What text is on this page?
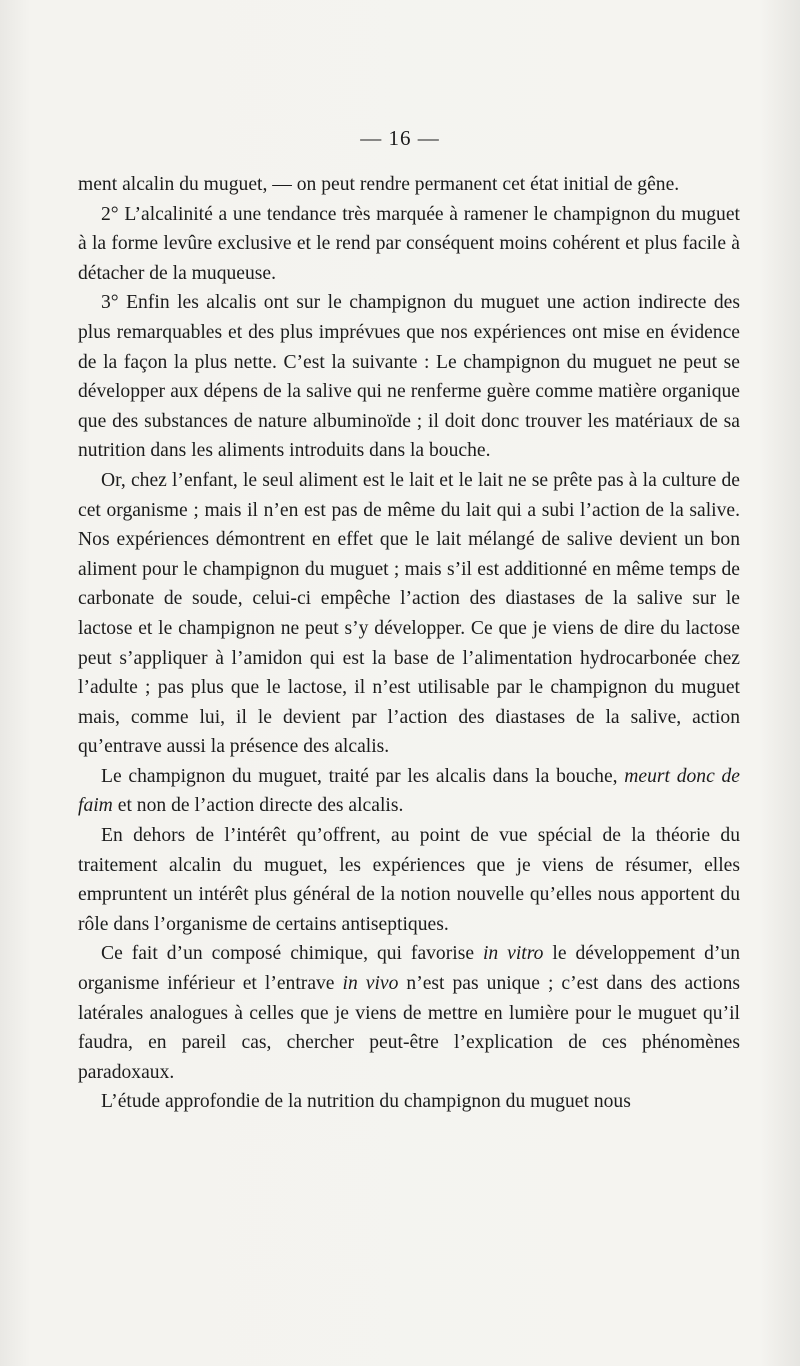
— 16 —

ment alcalin du muguet, — on peut rendre permanent cet état initial de gêne.

2° L’alcalinité a une tendance très marquée à ramener le champignon du muguet à la forme levûre exclusive et le rend par conséquent moins cohérent et plus facile à détacher de la muqueuse.

3° Enfin les alcalis ont sur le champignon du muguet une action indirecte des plus remarquables et des plus imprévues que nos expériences ont mise en évidence de la façon la plus nette. C’est la suivante : Le champignon du muguet ne peut se développer aux dépens de la salive qui ne renferme guère comme matière organique que des substances de nature albuminoïde ; il doit donc trouver les matériaux de sa nutrition dans les aliments introduits dans la bouche.

Or, chez l’enfant, le seul aliment est le lait et le lait ne se prête pas à la culture de cet organisme ; mais il n’en est pas de même du lait qui a subi l’action de la salive. Nos expériences démontrent en effet que le lait mélangé de salive devient un bon aliment pour le champignon du muguet ; mais s’il est additionné en même temps de carbonate de soude, celui-ci empêche l’action des diastases de la salive sur le lactose et le champignon ne peut s’y développer. Ce que je viens de dire du lactose peut s’appliquer à l’amidon qui est la base de l’alimentation hydrocarbonée chez l’adulte ; pas plus que le lactose, il n’est utilisable par le champignon du muguet mais, comme lui, il le devient par l’action des diastases de la salive, action qu’entrave aussi la présence des alcalis.

Le champignon du muguet, traité par les alcalis dans la bouche, meurt donc de faim et non de l’action directe des alcalis.

En dehors de l’intérêt qu’offrent, au point de vue spécial de la théorie du traitement alcalin du muguet, les expériences que je viens de résumer, elles empruntent un intérêt plus général de la notion nouvelle qu’elles nous apportent du rôle dans l’organisme de certains antiseptiques.

Ce fait d’un composé chimique, qui favorise in vitro le développement d’un organisme inférieur et l’entrave in vivo n’est pas unique ; c’est dans des actions latérales analogues à celles que je viens de mettre en lumière pour le muguet qu’il faudra, en pareil cas, chercher peut-être l’explication de ces phénomènes paradoxaux.

L’étude approfondie de la nutrition du champignon du muguet nous
